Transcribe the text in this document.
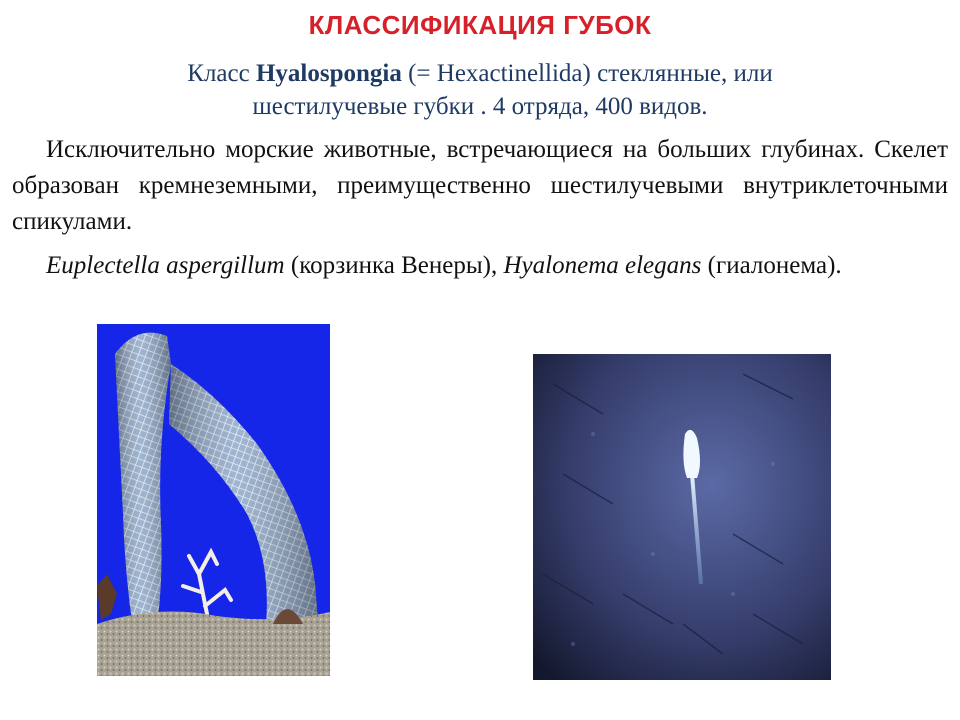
КЛАССИФИКАЦИЯ ГУБОК
Класс Hyalospongia (= Hexactinellida) стеклянные, или
шестилучевые губки . 4 отряда, 400 видов.
Исключительно морские животные, встречающиеся на больших глубинах. Скелет образован кремнеземными, преимущественно шестилучевыми внутриклеточными спикулами.
Euplectella aspergillum (корзинка Венеры), Hyalonema elegans (гиалонема).
